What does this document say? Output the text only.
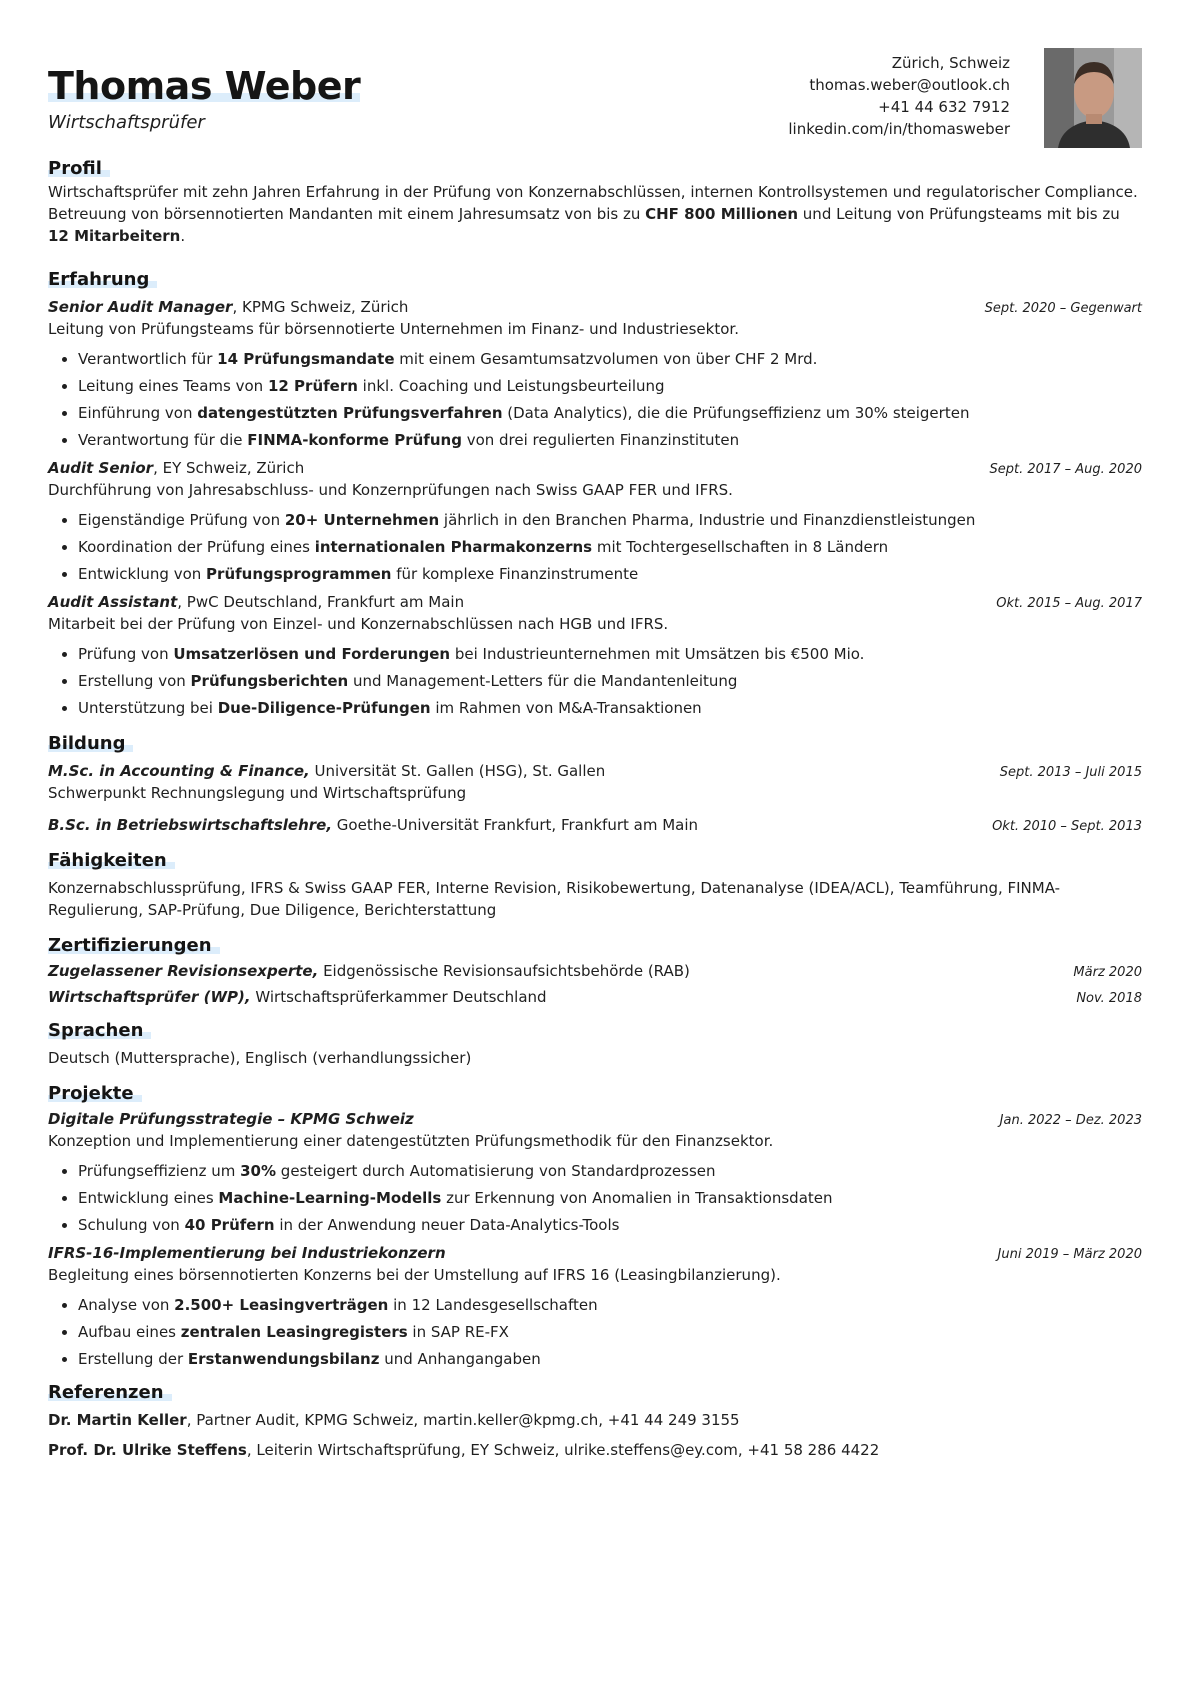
Thomas Weber
Wirtschaftsprüfer
Zürich, Schweiz
thomas.weber@outlook.ch
+41 44 632 7912
linkedin.com/in/thomasweber
Profil
Wirtschaftsprüfer mit zehn Jahren Erfahrung in der Prüfung von Konzernabschlüssen, internen Kontrollsystemen und regulatorischer Compliance. Betreuung von börsennotierten Mandanten mit einem Jahresumsatz von bis zu CHF 800 Millionen und Leitung von Prüfungsteams mit bis zu 12 Mitarbeitern.
Erfahrung
Senior Audit Manager, KPMG Schweiz, Zürich	Sept. 2020 – Gegenwart
Leitung von Prüfungsteams für börsennotierte Unternehmen im Finanz- und Industriesektor.
• Verantwortlich für 14 Prüfungsmandate mit einem Gesamtumsatzvolumen von über CHF 2 Mrd.
• Leitung eines Teams von 12 Prüfern inkl. Coaching und Leistungsbeurteilung
• Einführung von datengestützten Prüfungsverfahren (Data Analytics), die die Prüfungseffizienz um 30% steigerten
• Verantwortung für die FINMA-konforme Prüfung von drei regulierten Finanzinstituten
Audit Senior, EY Schweiz, Zürich	Sept. 2017 – Aug. 2020
Durchführung von Jahresabschluss- und Konzernprüfungen nach Swiss GAAP FER und IFRS.
• Eigenständige Prüfung von 20+ Unternehmen jährlich in den Branchen Pharma, Industrie und Finanzdienstleistungen
• Koordination der Prüfung eines internationalen Pharmakonzerns mit Tochtergesellschaften in 8 Ländern
• Entwicklung von Prüfungsprogrammen für komplexe Finanzinstrumente
Audit Assistant, PwC Deutschland, Frankfurt am Main	Okt. 2015 – Aug. 2017
Mitarbeit bei der Prüfung von Einzel- und Konzernabschlüssen nach HGB und IFRS.
• Prüfung von Umsatzerlösen und Forderungen bei Industrieunternehmen mit Umsätzen bis €500 Mio.
• Erstellung von Prüfungsberichten und Management-Letters für die Mandantenleitung
• Unterstützung bei Due-Diligence-Prüfungen im Rahmen von M&A-Transaktionen
Bildung
M.Sc. in Accounting & Finance, Universität St. Gallen (HSG), St. Gallen	Sept. 2013 – Juli 2015
Schwerpunkt Rechnungslegung und Wirtschaftsprüfung
B.Sc. in Betriebswirtschaftslehre, Goethe-Universität Frankfurt, Frankfurt am Main	Okt. 2010 – Sept. 2013
Fähigkeiten
Konzernabschlussprüfung, IFRS & Swiss GAAP FER, Interne Revision, Risikobewertung, Datenanalyse (IDEA/ACL), Teamführung, FINMA-Regulierung, SAP-Prüfung, Due Diligence, Berichterstattung
Zertifizierungen
Zugelassener Revisionsexperte, Eidgenössische Revisionsaufsichtsbehörde (RAB)	März 2020
Wirtschaftsprüfer (WP), Wirtschaftsprüferkammer Deutschland	Nov. 2018
Sprachen
Deutsch (Muttersprache), Englisch (verhandlungssicher)
Projekte
Digitale Prüfungsstrategie – KPMG Schweiz	Jan. 2022 – Dez. 2023
Konzeption und Implementierung einer datengestützten Prüfungsmethodik für den Finanzsektor.
• Prüfungseffizienz um 30% gesteigert durch Automatisierung von Standardprozessen
• Entwicklung eines Machine-Learning-Modells zur Erkennung von Anomalien in Transaktionsdaten
• Schulung von 40 Prüfern in der Anwendung neuer Data-Analytics-Tools
IFRS-16-Implementierung bei Industriekonzern	Juni 2019 – März 2020
Begleitung eines börsennotierten Konzerns bei der Umstellung auf IFRS 16 (Leasingbilanzierung).
• Analyse von 2.500+ Leasingverträgen in 12 Landesgesellschaften
• Aufbau eines zentralen Leasingregisters in SAP RE-FX
• Erstellung der Erstanwendungsbilanz und Anhangangaben
Referenzen
Dr. Martin Keller, Partner Audit, KPMG Schweiz, martin.keller@kpmg.ch, +41 44 249 3155
Prof. Dr. Ulrike Steffens, Leiterin Wirtschaftsprüfung, EY Schweiz, ulrike.steffens@ey.com, +41 58 286 4422
